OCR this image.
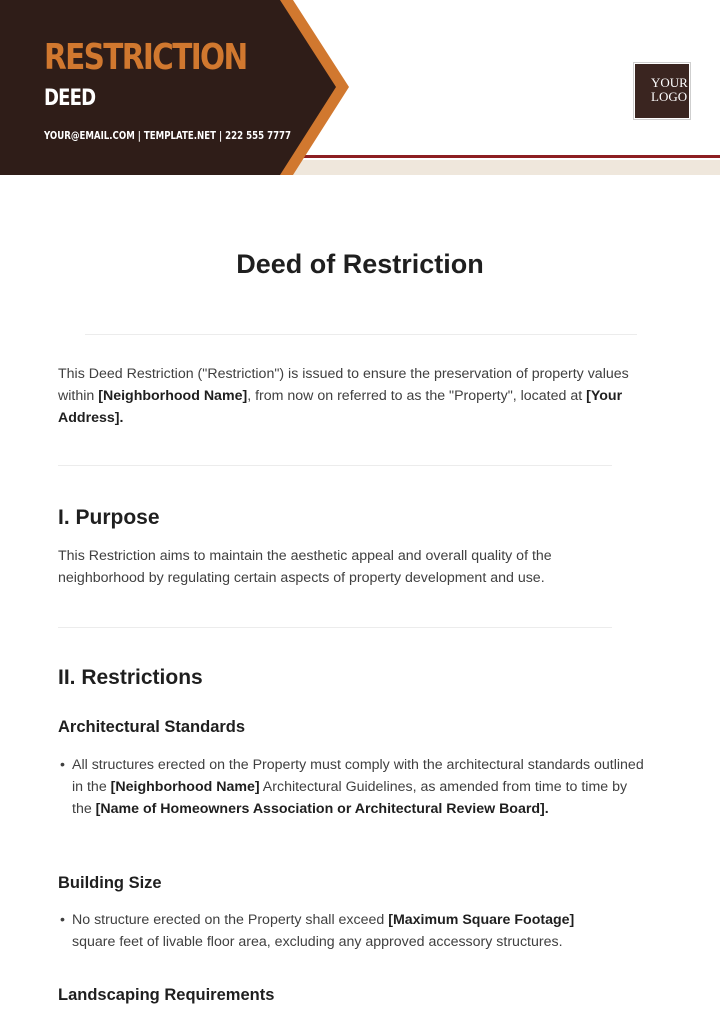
RESTRICTION
DEED
YOUR@EMAIL.COM | TEMPLATE.NET | 222 555 7777
YOUR
LOGO
Deed of Restriction
This Deed Restriction ("Restriction") is issued to ensure the preservation of property values within [Neighborhood Name], from now on referred to as the "Property", located at [Your Address].
I. Purpose
This Restriction aims to maintain the aesthetic appeal and overall quality of the neighborhood by regulating certain aspects of property development and use.
II. Restrictions
Architectural Standards
• All structures erected on the Property must comply with the architectural standards outlined in the [Neighborhood Name] Architectural Guidelines, as amended from time to time by the [Name of Homeowners Association or Architectural Review Board].
Building Size
• No structure erected on the Property shall exceed [Maximum Square Footage] square feet of livable floor area, excluding any approved accessory structures.
Landscaping Requirements
